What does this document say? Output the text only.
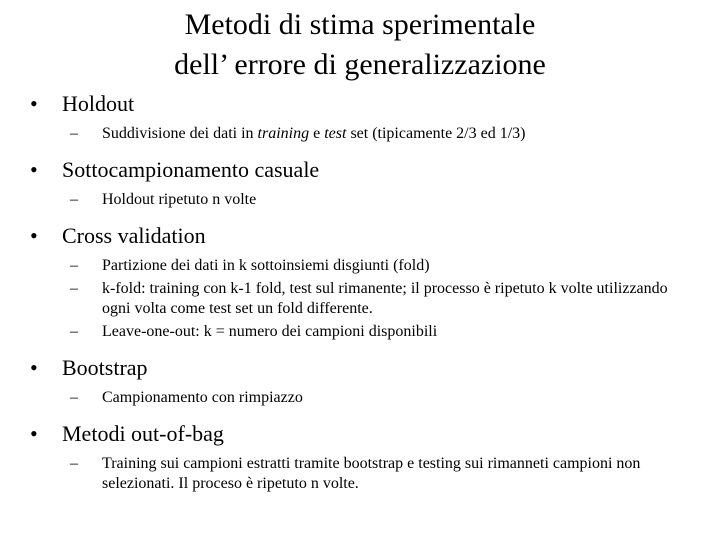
Metodi di stima sperimentale
dell’ errore di generalizzazione
• Holdout
– Suddivisione dei dati in training e test set (tipicamente 2/3 ed 1/3)
• Sottocampionamento casuale
– Holdout ripetuto n volte
• Cross validation
– Partizione dei dati in k sottoinsiemi disgiunti (fold)
– k-fold: training con k-1 fold, test sul rimanente; il processo è ripetuto k volte utilizzando ogni volta come test set un fold differente.
– Leave-one-out: k = numero dei campioni disponibili
• Bootstrap
– Campionamento con rimpiazzo
• Metodi out-of-bag
– Training sui campioni estratti tramite bootstrap e testing sui rimanneti campioni non selezionati. Il proceso è ripetuto n volte.
